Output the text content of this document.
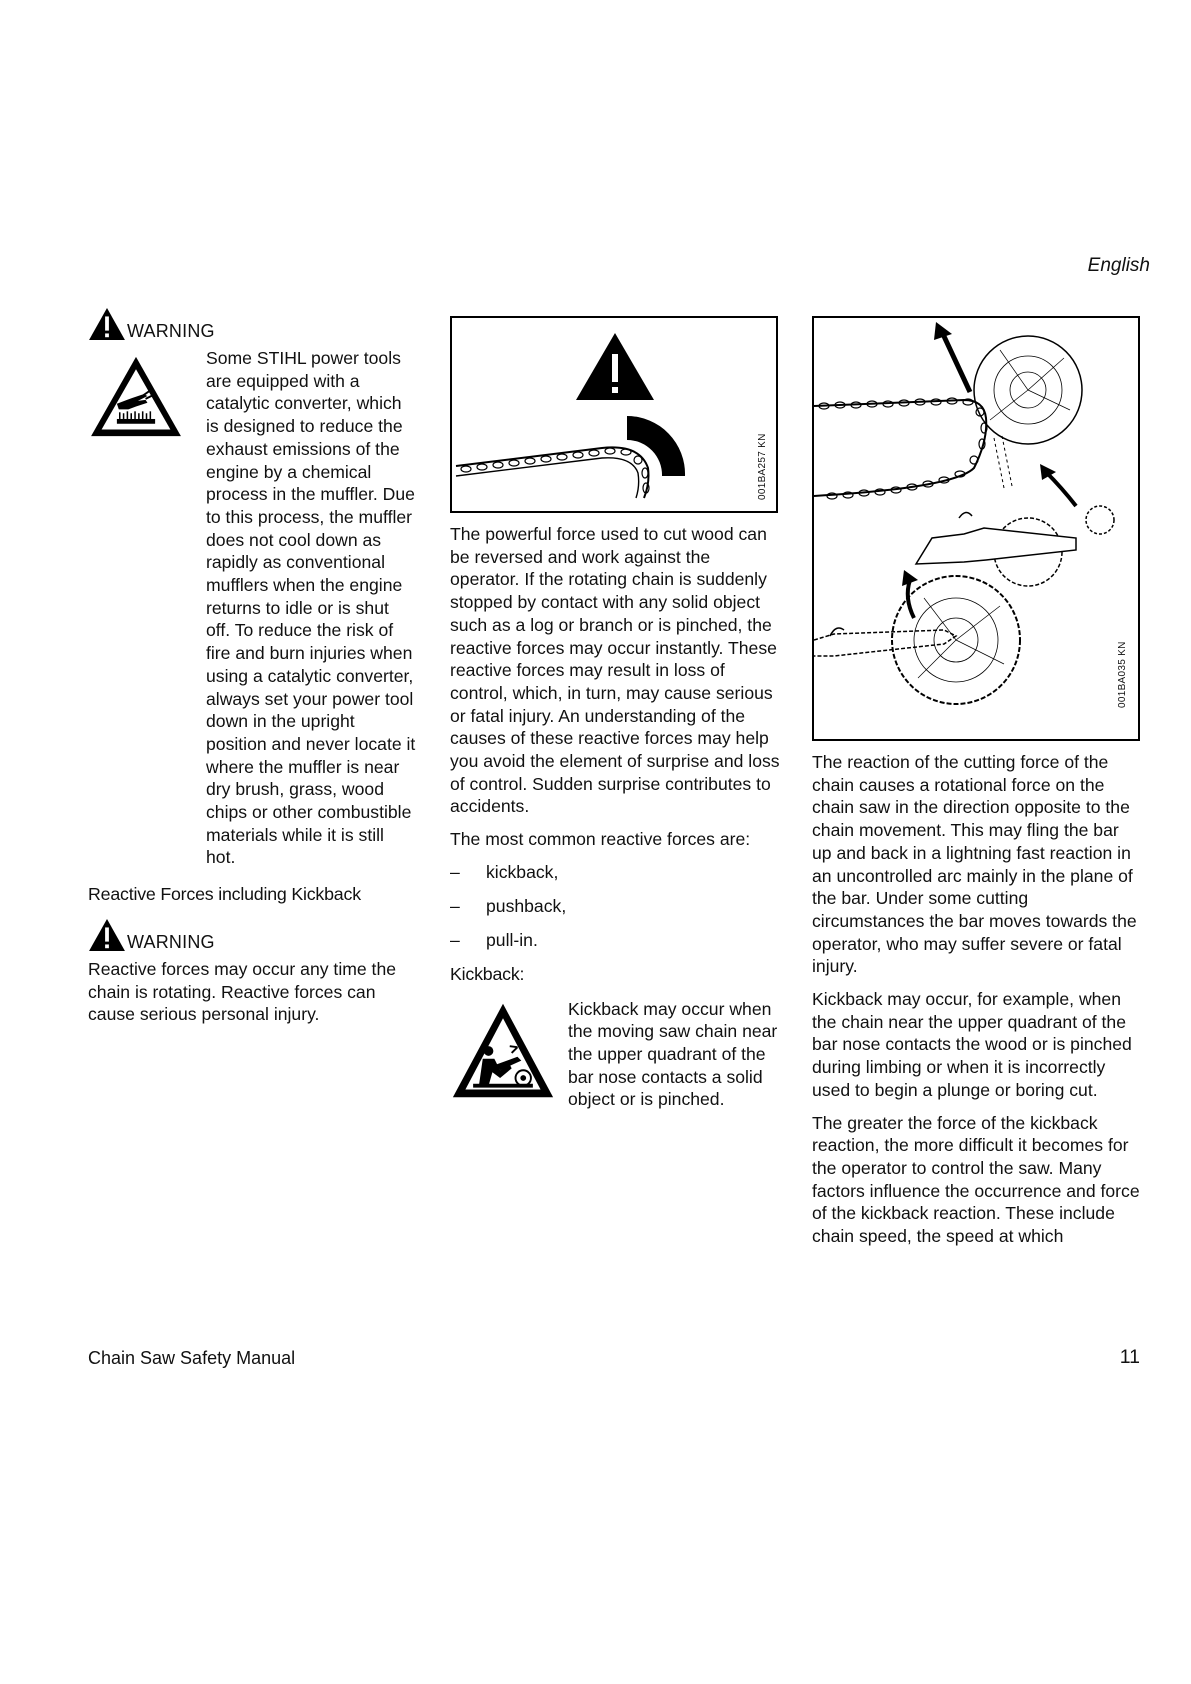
English
WARNING

Some STIHL power tools are equipped with a catalytic converter, which is designed to reduce the exhaust emissions of the engine by a chemical process in the muffler. Due to this process, the muffler does not cool down as rapidly as conventional mufflers when the engine returns to idle or is shut off. To reduce the risk of fire and burn injuries when using a catalytic converter, always set your power tool down in the upright position and never locate it where the muffler is near dry brush, grass, wood chips or other combustible materials while it is still hot.

Reactive Forces including Kickback
WARNING

Reactive forces may occur any time the chain is rotating. Reactive forces can cause serious personal injury.

001BA257 KN

The powerful force used to cut wood can be reversed and work against the operator. If the rotating chain is suddenly stopped by contact with any solid object such as a log or branch or is pinched, the reactive forces may occur instantly. These reactive forces may result in loss of control, which, in turn, may cause serious or fatal injury. An understanding of the causes of these reactive forces may help you avoid the element of surprise and loss of control. Sudden surprise contributes to accidents.

The most common reactive forces are:

–	kickback,
–	pushback,
–	pull-in.
Kickback:

Kickback may occur when the moving saw chain near the upper quadrant of the bar nose contacts a solid object or is pinched.

001BA035 KN

The reaction of the cutting force of the chain causes a rotational force on the chain saw in the direction opposite to the chain movement. This may fling the bar up and back in a lightning fast reaction in an uncontrolled arc mainly in the plane of the bar. Under some cutting circumstances the bar moves towards the operator, who may suffer severe or fatal injury.

Kickback may occur, for example, when the chain near the upper quadrant of the bar nose contacts the wood or is pinched during limbing or when it is incorrectly used to begin a plunge or boring cut.

The greater the force of the kickback reaction, the more difficult it becomes for the operator to control the saw. Many factors influence the occurrence and force of the kickback reaction. These include chain speed, the speed at which

Chain Saw Safety Manual	11
